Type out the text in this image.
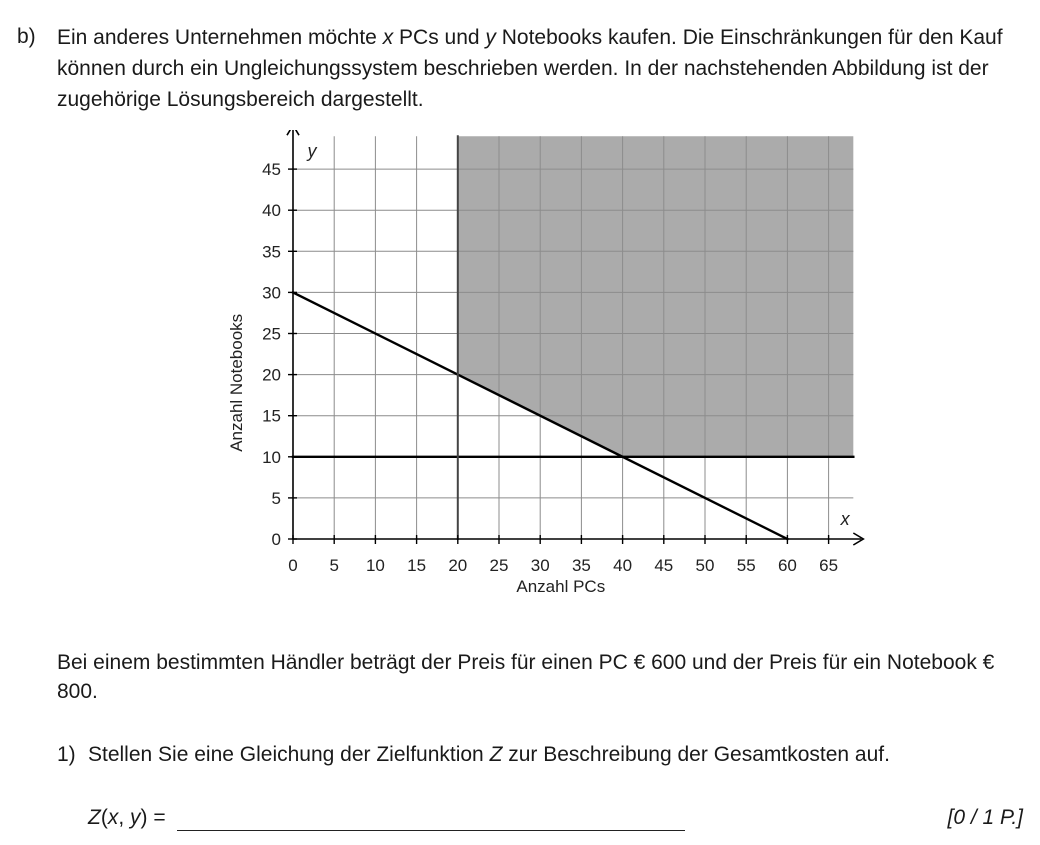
b) Ein anderes Unternehmen möchte x PCs und y Notebooks kaufen. Die Einschränkungen für den Kauf können durch ein Ungleichungssystem beschrieben werden. In der nachstehenden Abbildung ist der zugehörige Lösungsbereich dargestellt.

0 5 10 15 20 25 30 35 40 45 50 55 60 65
0
5
10
15
20
25
30
35
40
45
Anzahl PCs
Anzahl Notebooks
x
y

Bei einem bestimmten Händler beträgt der Preis für einen PC € 600 und der Preis für ein Notebook € 800.

1) Stellen Sie eine Gleichung der Zielfunktion Z zur Beschreibung der Gesamtkosten auf.
Z(x, y) =	[0 / 1 P.]
